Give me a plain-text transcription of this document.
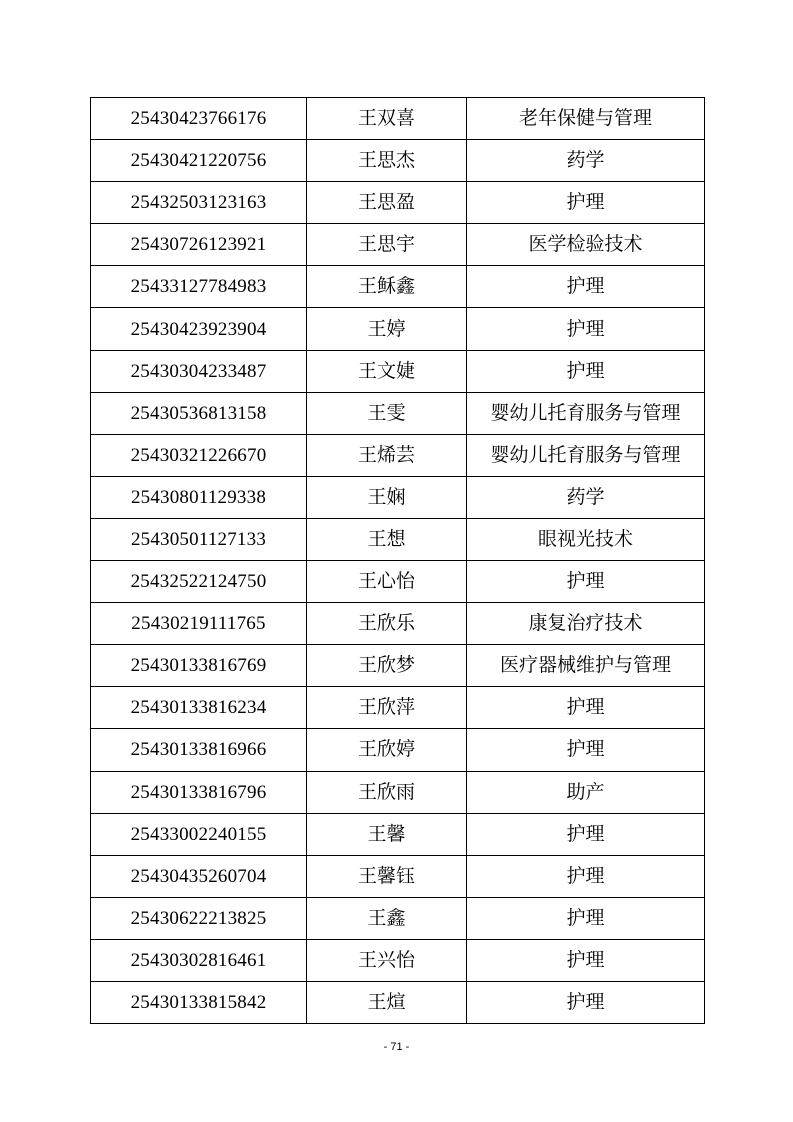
25430423766176	王双喜	老年保健与管理
25430421220756	王思杰	药学
25432503123163	王思盈	护理
25430726123921	王思宇	医学检验技术
25433127784983	王稣鑫	护理
25430423923904	王婷	护理
25430304233487	王文婕	护理
25430536813158	王雯	婴幼儿托育服务与管理
25430321226670	王烯芸	婴幼儿托育服务与管理
25430801129338	王娴	药学
25430501127133	王想	眼视光技术
25432522124750	王心怡	护理
25430219111765	王欣乐	康复治疗技术
25430133816769	王欣梦	医疗器械维护与管理
25430133816234	王欣萍	护理
25430133816966	王欣婷	护理
25430133816796	王欣雨	助产
25433002240155	王馨	护理
25430435260704	王馨钰	护理
25430622213825	王鑫	护理
25430302816461	王兴怡	护理
25430133815842	王煊	护理
- 71 -
